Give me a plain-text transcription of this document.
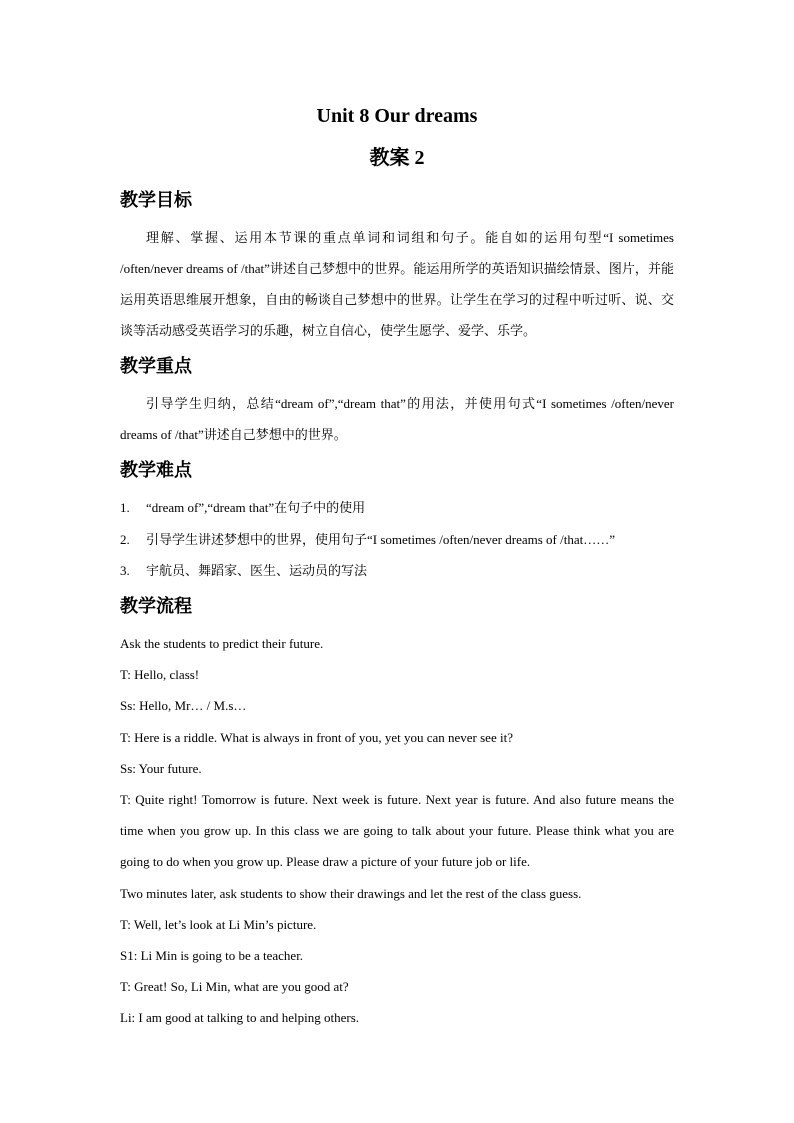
Unit 8 Our dreams
教案 2
教学目标
理解、掌握、运用本节课的重点单词和词组和句子。能自如的运用句型“I sometimes /often/never dreams of /that”讲述自己梦想中的世界。能运用所学的英语知识描绘情景、图片，并能运用英语思维展开想象，自由的畅谈自己梦想中的世界。让学生在学习的过程中听过听、说、交谈等活动感受英语学习的乐趣，树立自信心，使学生愿学、爱学、乐学。
教学重点
引导学生归纳，总结“dream of”,“dream that”的用法，并使用句式“I sometimes /often/never dreams of /that”讲述自己梦想中的世界。
教学难点
1. “dream of”,“dream that”在句子中的使用
2. 引导学生讲述梦想中的世界，使用句子“I sometimes /often/never dreams of /that……”
3. 宇航员、舞蹈家、医生、运动员的写法
教学流程

Ask the students to predict their future.

T: Hello, class!

Ss: Hello, Mr… / M.s…

T: Here is a riddle. What is always in front of you, yet you can never see it?

Ss: Your future.

T: Quite right! Tomorrow is future. Next week is future. Next year is future. And also future means the time when you grow up. In this class we are going to talk about your future. Please think what you are going to do when you grow up. Please draw a picture of your future job or life.

Two minutes later, ask students to show their drawings and let the rest of the class guess.

T: Well, let’s look at Li Min’s picture.

S1: Li Min is going to be a teacher.

T: Great! So, Li Min, what are you good at?

Li: I am good at talking to and helping others.
